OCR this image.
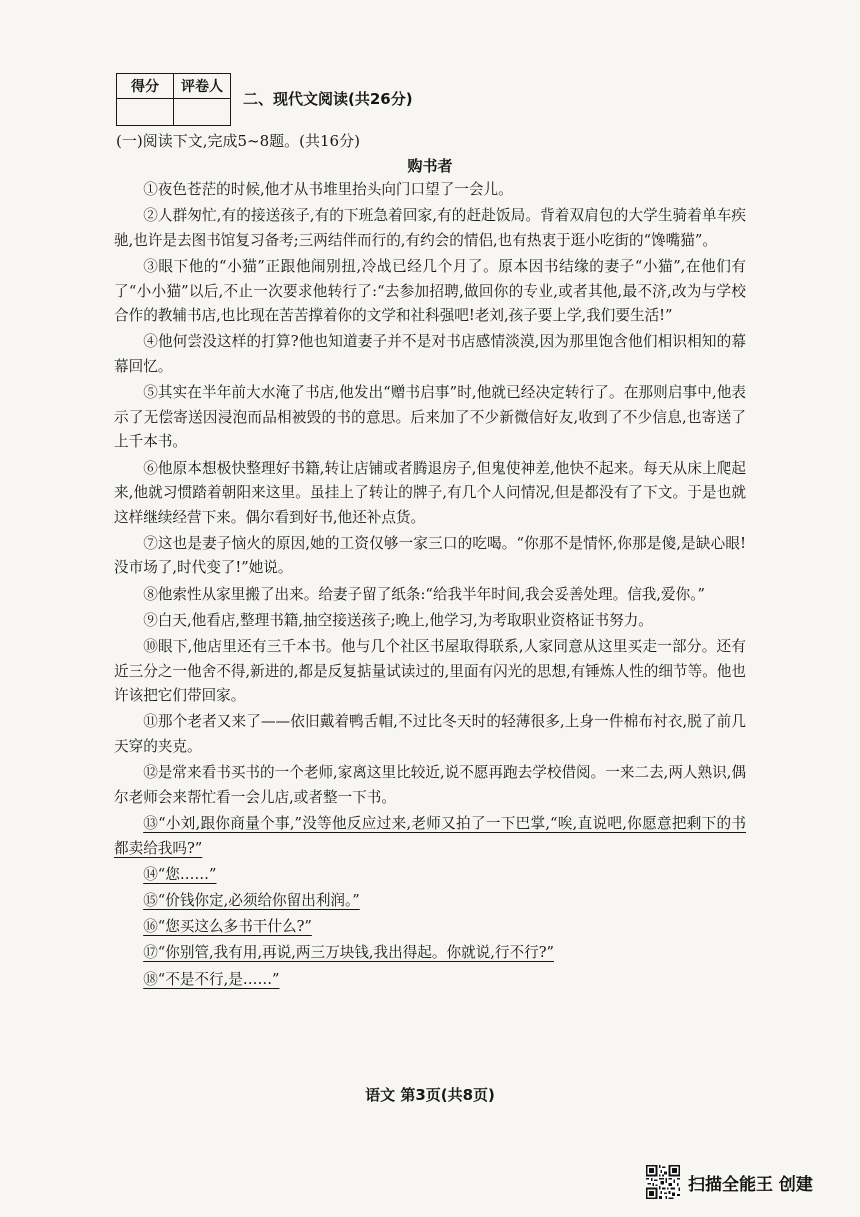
得分	评卷人

二、现代文阅读(共26分)
(一)阅读下文,完成5~8题。(共16分)
购书者

①夜色苍茫的时候,他才从书堆里抬头向门口望了一会儿。

②人群匆忙,有的接送孩子,有的下班急着回家,有的赶赴饭局。背着双肩包的大学生骑着单车疾驰,也许是去图书馆复习备考;三两结伴而行的,有约会的情侣,也有热衷于逛小吃街的“馋嘴猫”。

③眼下他的“小猫”正跟他闹别扭,冷战已经几个月了。原本因书结缘的妻子“小猫”,在他们有了“小小猫”以后,不止一次要求他转行了:“去参加招聘,做回你的专业,或者其他,最不济,改为与学校合作的教辅书店,也比现在苦苦撑着你的文学和社科强吧!老刘,孩子要上学,我们要生活!”

④他何尝没这样的打算?他也知道妻子并不是对书店感情淡漠,因为那里饱含他们相识相知的幕幕回忆。

⑤其实在半年前大水淹了书店,他发出“赠书启事”时,他就已经决定转行了。在那则启事中,他表示了无偿寄送因浸泡而品相被毁的书的意思。后来加了不少新微信好友,收到了不少信息,也寄送了上千本书。

⑥他原本想极快整理好书籍,转让店铺或者腾退房子,但鬼使神差,他快不起来。每天从床上爬起来,他就习惯踏着朝阳来这里。虽挂上了转让的牌子,有几个人问情况,但是都没有了下文。于是也就这样继续经营下来。偶尔看到好书,他还补点货。

⑦这也是妻子恼火的原因,她的工资仅够一家三口的吃喝。“你那不是情怀,你那是傻,是缺心眼!没市场了,时代变了!”她说。

⑧他索性从家里搬了出来。给妻子留了纸条:“给我半年时间,我会妥善处理。信我,爱你。”

⑨白天,他看店,整理书籍,抽空接送孩子;晚上,他学习,为考取职业资格证书努力。

⑩眼下,他店里还有三千本书。他与几个社区书屋取得联系,人家同意从这里买走一部分。还有近三分之一他舍不得,新进的,都是反复掂量试读过的,里面有闪光的思想,有锤炼人性的细节等。他也许该把它们带回家。

⑪那个老者又来了——依旧戴着鸭舌帽,不过比冬天时的轻薄很多,上身一件棉布衬衣,脱了前几天穿的夹克。

⑫是常来看书买书的一个老师,家离这里比较近,说不愿再跑去学校借阅。一来二去,两人熟识,偶尔老师会来帮忙看一会儿店,或者整一下书。

⑬“小刘,跟你商量个事,”没等他反应过来,老师又拍了一下巴掌,“唉,直说吧,你愿意把剩下的书都卖给我吗?”

⑭“您……”

⑮“价钱你定,必须给你留出利润。”

⑯“您买这么多书干什么?”

⑰“你别管,我有用,再说,两三万块钱,我出得起。你就说,行不行?”

⑱“不是不行,是……”

语文 第3页(共8页)
扫描全能王 创建
